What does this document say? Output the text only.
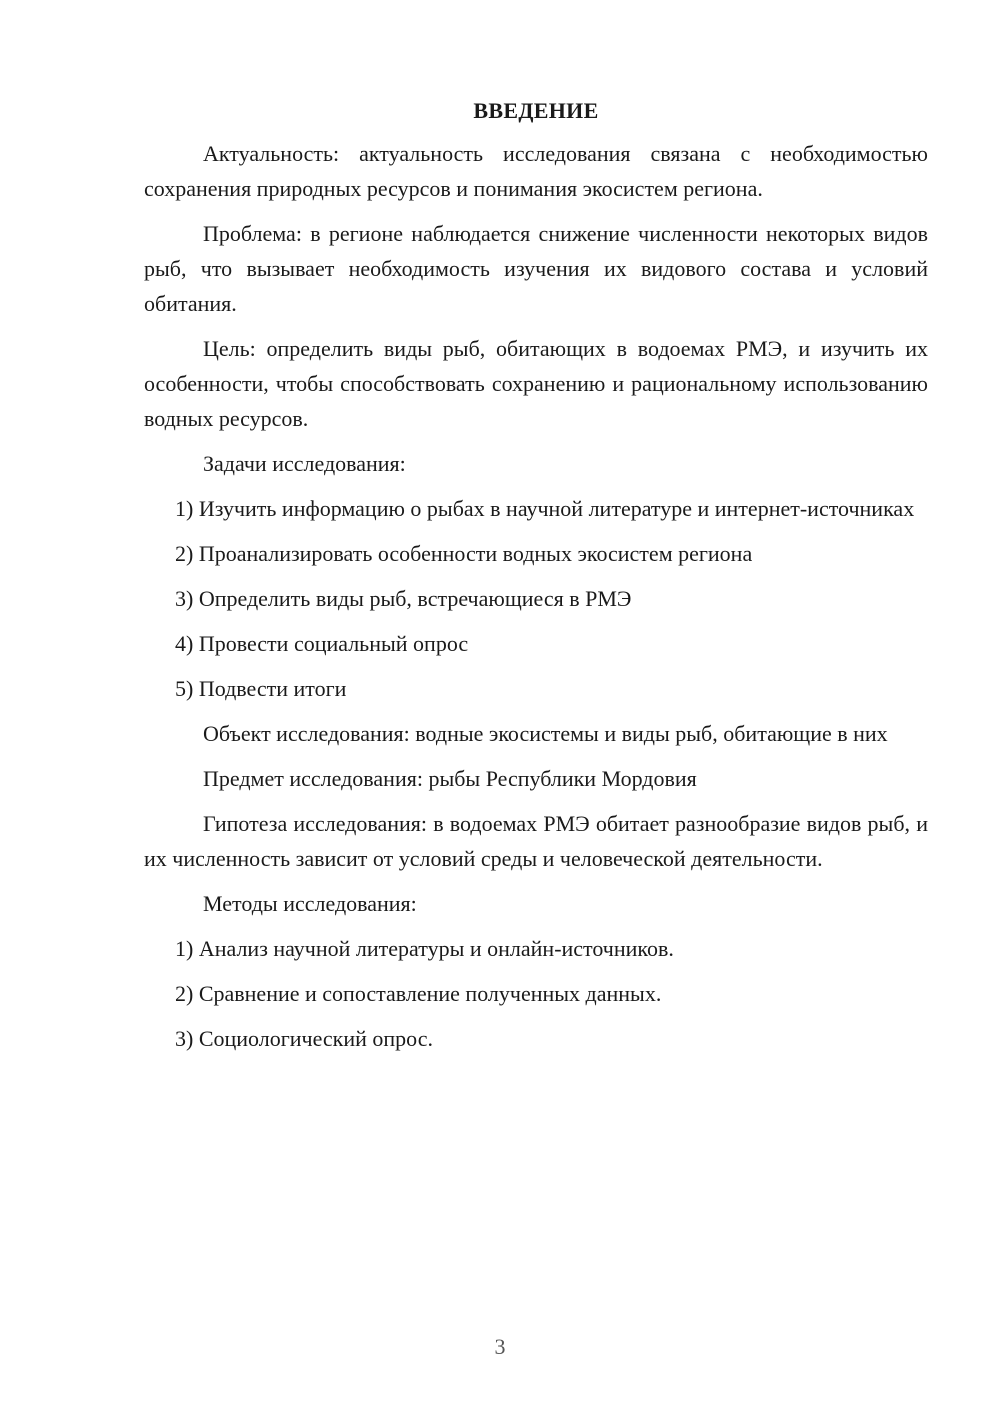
ВВЕДЕНИЕ

Актуальность: актуальность исследования связана с необходимостью сохранения природных ресурсов и понимания экосистем региона.

Проблема: в регионе наблюдается снижение численности некоторых видов рыб, что вызывает необходимость изучения их видового состава и условий обитания.

Цель: определить виды рыб, обитающих в водоемах РМЭ, и изучить их особенности, чтобы способствовать сохранению и рациональному использованию водных ресурсов.

Задачи исследования:

1) Изучить информацию о рыбах в научной литературе и интернет-источниках

2) Проанализировать особенности водных экосистем региона

3) Определить виды рыб, встречающиеся в РМЭ

4) Провести социальный опрос

5) Подвести итоги

Объект исследования: водные экосистемы и виды рыб, обитающие в них

Предмет исследования: рыбы Республики Мордовия

Гипотеза исследования: в водоемах РМЭ обитает разнообразие видов рыб, и их численность зависит от условий среды и человеческой деятельности.

Методы исследования:

1) Анализ научной литературы и онлайн-источников.

2) Сравнение и сопоставление полученных данных.

3) Социологический опрос.

3
